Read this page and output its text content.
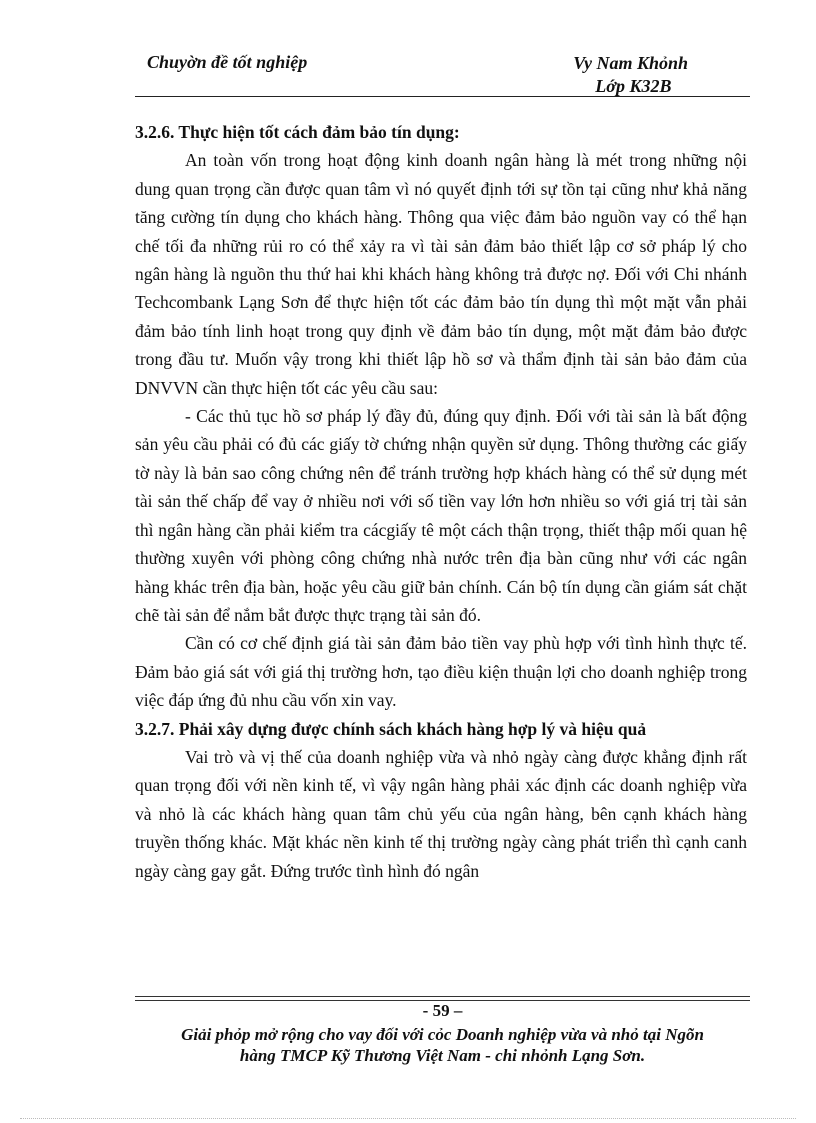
Chuyờn đề tốt nghiệp	Vy Nam Khỏnh
Lớp K32B
3.2.6. Thực hiện tốt cách đảm bảo tín dụng:

An toàn vốn trong hoạt động kinh doanh ngân hàng là mét trong những nội dung quan trọng cần được quan tâm vì nó quyết định tới sự tồn tại cũng như khả năng tăng cường tín dụng cho khách hàng. Thông qua việc đảm bảo nguồn vay có thể hạn chế tối đa những rủi ro có thể xảy ra vì tài sản đảm bảo thiết lập cơ sở pháp lý cho ngân hàng là nguồn thu thứ hai khi khách hàng không trả được nợ. Đối với Chi nhánh Techcombank Lạng Sơn để thực hiện tốt các đảm bảo tín dụng thì một mặt vẫn phải đảm bảo tính linh hoạt trong quy định về đảm bảo tín dụng, một mặt đảm bảo được trong đầu tư. Muốn vậy trong khi thiết lập hồ sơ và thẩm định tài sản bảo đảm của DNVVN cần thực hiện tốt các yêu cầu sau:

- Các thủ tục hồ sơ pháp lý đầy đủ, đúng quy định. Đối với tài sản là bất động sản yêu cầu phải có đủ các giấy tờ chứng nhận quyền sử dụng. Thông thường các giấy tờ này là bản sao công chứng nên để tránh trường hợp khách hàng có thể sử dụng mét tài sản thế chấp để vay ở nhiều nơi với số tiền vay lớn hơn nhiều so với giá trị tài sản thì ngân hàng cần phải kiểm tra cácgiấy tê một cách thận trọng, thiết thập mối quan hệ thường xuyên với phòng công chứng nhà nước trên địa bàn cũng như với các ngân hàng khác trên địa bàn, hoặc yêu cầu giữ bản chính. Cán bộ tín dụng cần giám sát chặt chẽ tài sản để nắm bắt được thực trạng tài sản đó.

Cần có cơ chế định giá tài sản đảm bảo tiền vay phù hợp với tình hình thực tế. Đảm bảo giá sát với giá thị trường hơn, tạo điều kiện thuận lợi cho doanh nghiệp trong việc đáp ứng đủ nhu cầu vốn xin vay.

3.2.7. Phải xây dựng được chính sách khách hàng hợp lý và hiệu quả

Vai trò và vị thế của doanh nghiệp vừa và nhỏ ngày càng được khẳng định rất quan trọng đối với nền kinh tế, vì vậy ngân hàng phải xác định các doanh nghiệp vừa và nhỏ là các khách hàng quan tâm chủ yếu của ngân hàng, bên cạnh khách hàng truyền thống khác. Mặt khác nền kinh tế thị trường ngày càng phát triển thì cạnh canh ngày càng gay gắt. Đứng trước tình hình đó ngân

- 59 –
Giải phỏp mở rộng cho vay đối với cỏc Doanh nghiệp vừa và nhỏ tại Ngõn
hàng TMCP Kỹ Thương Việt Nam - chi nhỏnh Lạng Sơn.
